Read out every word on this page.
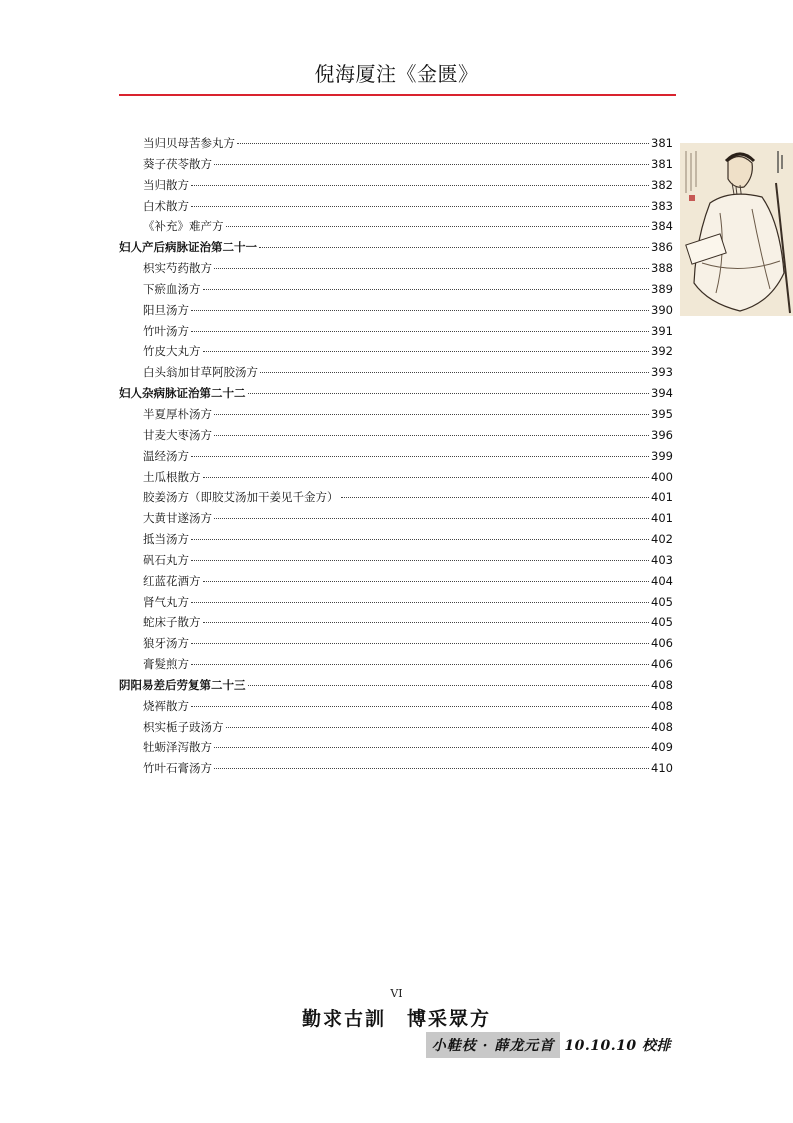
倪海厦注《金匮》
当归贝母苦参丸方	381
葵子茯苓散方	381
当归散方	382
白术散方	383
《补充》难产方	384
妇人产后病脉证治第二十一	386
枳实芍药散方	388
下瘀血汤方	389
阳旦汤方	390
竹叶汤方	391
竹皮大丸方	392
白头翁加甘草阿胶汤方	393
妇人杂病脉证治第二十二	394
半夏厚朴汤方	395
甘麦大枣汤方	396
温经汤方	399
土瓜根散方	400
胶姜汤方（即胶艾汤加干姜见千金方）	401
大黄甘遂汤方	401
抵当汤方	402
矾石丸方	403
红蓝花酒方	404
肾气丸方	405
蛇床子散方	405
狼牙汤方	406
膏髮煎方	406
阴阳易差后劳复第二十三	408
烧裈散方	408
枳实栀子豉汤方	408
牡蛎泽泻散方	409
竹叶石膏汤方	410
VI
勤求古訓　博采眾方
小鞋枝 · 薛龙元首 10.10.10 校排
